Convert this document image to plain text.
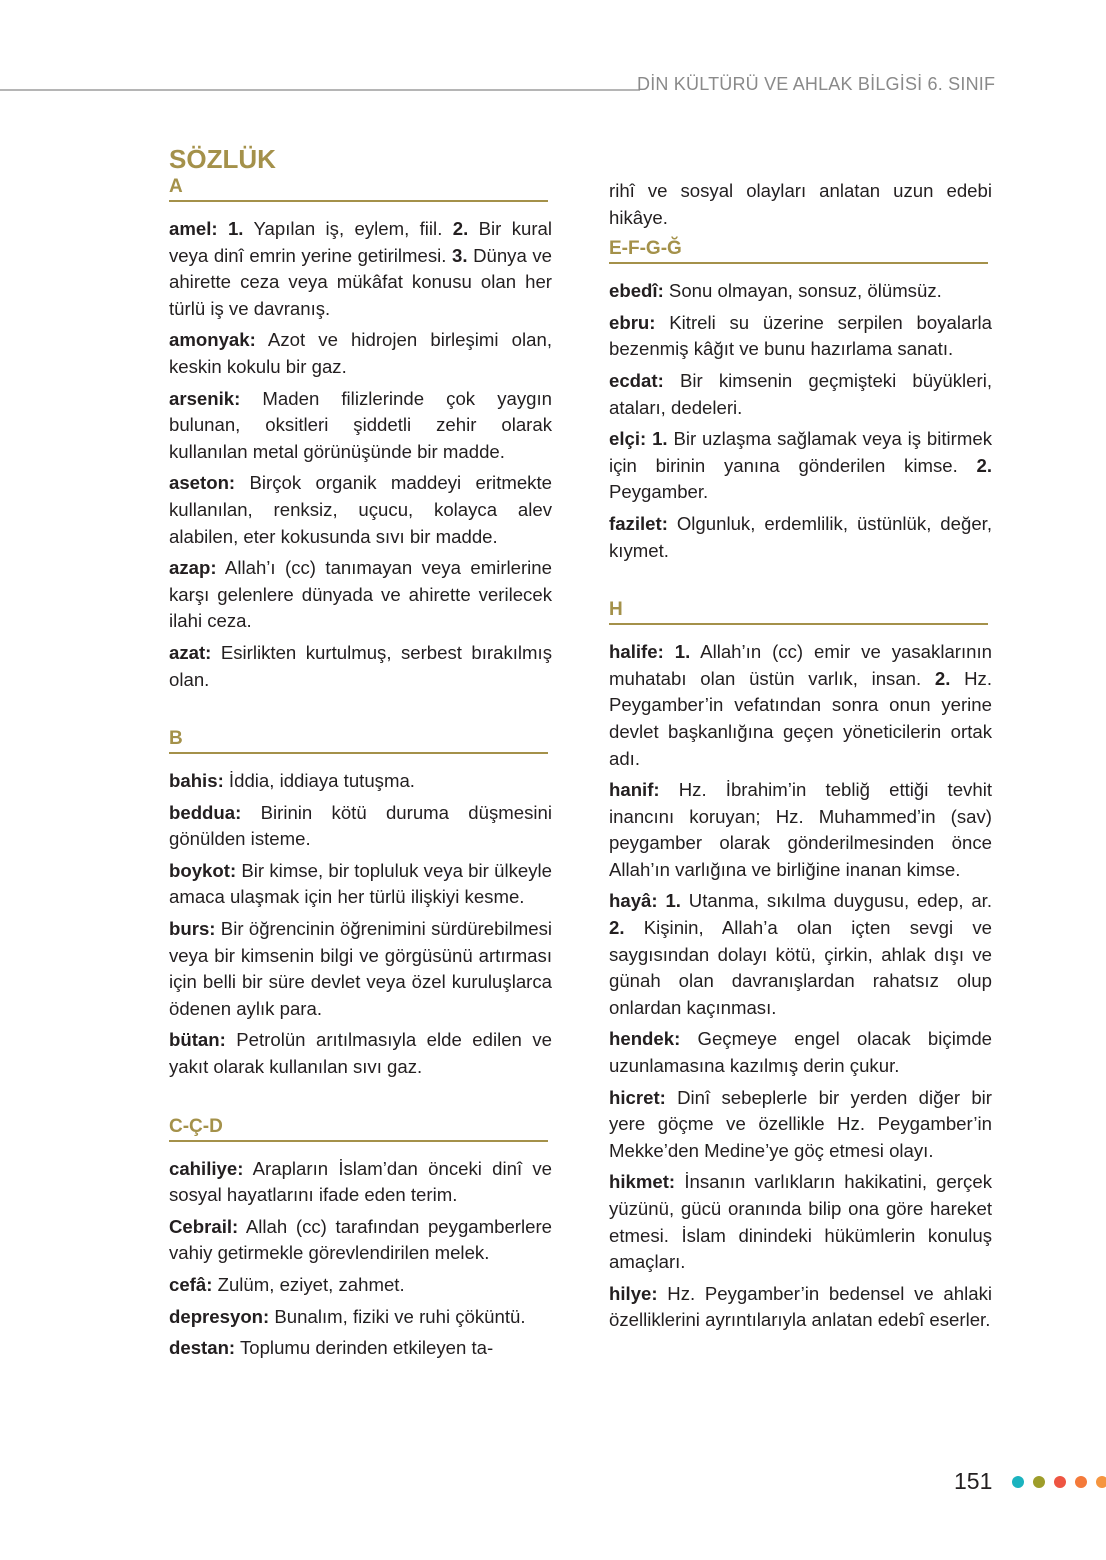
DİN KÜLTÜRÜ VE AHLAK BİLGİSİ 6. SINIF
SÖZLÜK
A
amel: 1. Yapılan iş, eylem, fiil. 2. Bir kural veya dinî emrin yerine getirilmesi. 3. Dünya ve ahirette ceza veya mükâfat konusu olan her türlü iş ve davranış.
amonyak: Azot ve hidrojen birleşimi olan, keskin kokulu bir gaz.
arsenik: Maden filizlerinde çok yaygın bulunan, oksitleri şiddetli zehir olarak kullanılan metal görünüşünde bir madde.
aseton: Birçok organik maddeyi eritmekte kullanılan, renksiz, uçucu, kolayca alev alabilen, eter kokusunda sıvı bir madde.
azap: Allah’ı (cc) tanımayan veya emirlerine karşı gelenlere dünyada ve ahirette verilecek ilahi ceza.
azat: Esirlikten kurtulmuş, serbest bırakılmış olan.
B
bahis: İddia, iddiaya tutuşma.
beddua: Birinin kötü duruma düşmesini gönülden isteme.
boykot: Bir kimse, bir topluluk veya bir ülkeyle amaca ulaşmak için her türlü ilişkiyi kesme.
burs: Bir öğrencinin öğrenimini sürdürebilmesi veya bir kimsenin bilgi ve görgüsünü artırması için belli bir süre devlet veya özel kuruluşlarca ödenen aylık para.
bütan: Petrolün arıtılmasıyla elde edilen ve yakıt olarak kullanılan sıvı gaz.
C-Ç-D
cahiliye: Arapların İslam’dan önceki dinî ve sosyal hayatlarını ifade eden terim.
Cebrail: Allah (cc) tarafından peygamberlere vahiy getirmekle görevlendirilen melek.
cefâ: Zulüm, eziyet, zahmet.
depresyon: Bunalım, fiziki ve ruhi çöküntü.
destan: Toplumu derinden etkileyen ta-
rihî ve sosyal olayları anlatan uzun edebi hikâye.
E-F-G-Ğ
ebedî: Sonu olmayan, sonsuz, ölümsüz.
ebru: Kitreli su üzerine serpilen boyalarla bezenmiş kâğıt ve bunu hazırlama sanatı.
ecdat: Bir kimsenin geçmişteki büyükleri, ataları, dedeleri.
elçi: 1. Bir uzlaşma sağlamak veya iş bitirmek için birinin yanına gönderilen kimse. 2. Peygamber.
fazilet: Olgunluk, erdemlilik, üstünlük, değer, kıymet.
H
halife: 1. Allah’ın (cc) emir ve yasaklarının muhatabı olan üstün varlık, insan. 2. Hz. Peygamber’in vefatından sonra onun yerine devlet başkanlığına geçen yöneticilerin ortak adı.
hanif: Hz. İbrahim’in tebliğ ettiği tevhit inancını koruyan; Hz. Muhammed’in (sav) peygamber olarak gönderilmesinden önce Allah’ın varlığına ve birliğine inanan kimse.
hayâ: 1. Utanma, sıkılma duygusu, edep, ar. 2. Kişinin, Allah’a olan içten sevgi ve saygısından dolayı kötü, çirkin, ahlak dışı ve günah olan davranışlardan rahatsız olup onlardan kaçınması.
hendek: Geçmeye engel olacak biçimde uzunlamasına kazılmış derin çukur.
hicret: Dinî sebeplerle bir yerden diğer bir yere göçme ve özellikle Hz. Peygamber’in Mekke’den Medine’ye göç etmesi olayı.
hikmet: İnsanın varlıkların hakikatini, gerçek yüzünü, gücü oranında bilip ona göre hareket etmesi. İslam dinindeki hükümlerin konuluş amaçları.
hilye: Hz. Peygamber’in bedensel ve ahlaki özelliklerini ayrıntılarıyla anlatan edebî eserler.
151
